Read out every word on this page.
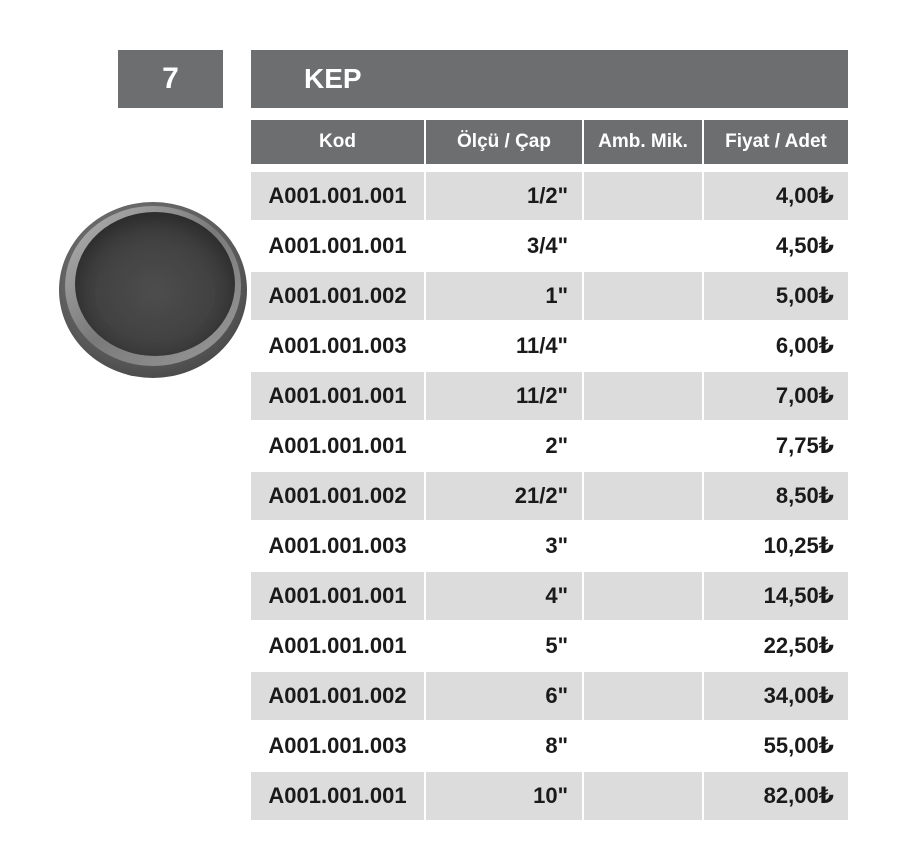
7	KEP
Kod	Ölçü / Çap	Amb. Mik.	Fiyat / Adet

A001.001.001	1/2"		4,00₺
A001.001.001	3/4"		4,50₺
A001.001.002	1"		5,00₺
A001.001.003	11/4"		6,00₺
A001.001.001	11/2"		7,00₺
A001.001.001	2"		7,75₺
A001.001.002	21/2"		8,50₺
A001.001.003	3"		10,25₺
A001.001.001	4"		14,50₺
A001.001.001	5"		22,50₺
A001.001.002	6"		34,00₺
A001.001.003	8"		55,00₺
A001.001.001	10"		82,00₺
